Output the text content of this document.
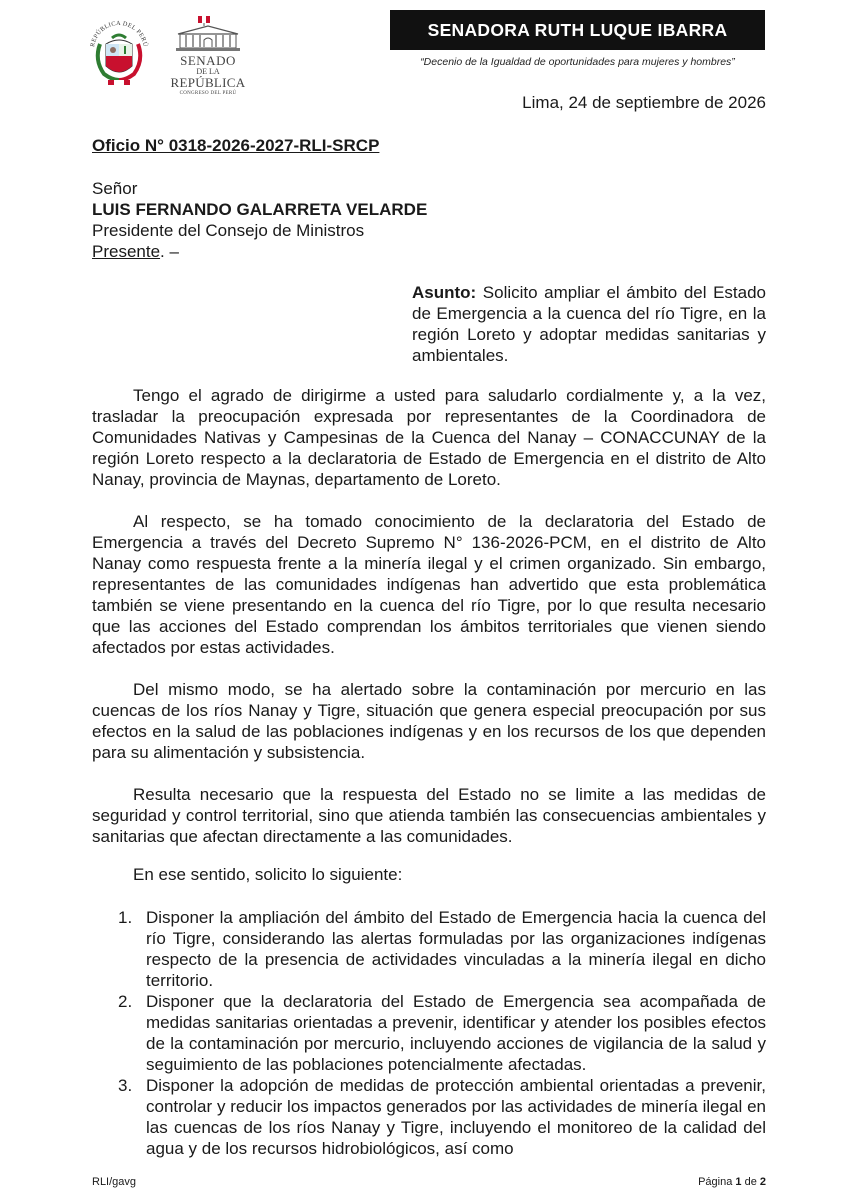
REPÚBLICA DEL PERÚ
SENADO
DE LA
REPÚBLICA
CONGRESO DEL PERÚ
SENADORA RUTH LUQUE IBARRA
“Decenio de la Igualdad de oportunidades para mujeres y hombres”
Lima, 24 de septiembre de 2026
Oficio N° 0318-2026-2027-RLI-SRCP
Señor
LUIS FERNANDO GALARRETA VELARDE
Presidente del Consejo de Ministros
Presente. –
Asunto: Solicito ampliar el ámbito del Estado de Emergencia a la cuenca del río Tigre, en la región Loreto y adoptar medidas sanitarias y ambientales.

Tengo el agrado de dirigirme a usted para saludarlo cordialmente y, a la vez, trasladar la preocupación expresada por representantes de la Coordinadora de Comunidades Nativas y Campesinas de la Cuenca del Nanay – CONACCUNAY de la región Loreto respecto a la declaratoria de Estado de Emergencia en el distrito de Alto Nanay, provincia de Maynas, departamento de Loreto.

Al respecto, se ha tomado conocimiento de la declaratoria del Estado de Emergencia a través del Decreto Supremo N° 136-2026-PCM, en el distrito de Alto Nanay como respuesta frente a la minería ilegal y el crimen organizado. Sin embargo, representantes de las comunidades indígenas han advertido que esta problemática también se viene presentando en la cuenca del río Tigre, por lo que resulta necesario que las acciones del Estado comprendan los ámbitos territoriales que vienen siendo afectados por estas actividades.

Del mismo modo, se ha alertado sobre la contaminación por mercurio en las cuencas de los ríos Nanay y Tigre, situación que genera especial preocupación por sus efectos en la salud de las poblaciones indígenas y en los recursos de los que dependen para su alimentación y subsistencia.

Resulta necesario que la respuesta del Estado no se limite a las medidas de seguridad y control territorial, sino que atienda también las consecuencias ambientales y sanitarias que afectan directamente a las comunidades.

En ese sentido, solicito lo siguiente:

1. Disponer la ampliación del ámbito del Estado de Emergencia hacia la cuenca del río Tigre, considerando las alertas formuladas por las organizaciones indígenas respecto de la presencia de actividades vinculadas a la minería ilegal en dicho territorio.
2. Disponer que la declaratoria del Estado de Emergencia sea acompañada de medidas sanitarias orientadas a prevenir, identificar y atender los posibles efectos de la contaminación por mercurio, incluyendo acciones de vigilancia de la salud y seguimiento de las poblaciones potencialmente afectadas.
3. Disponer la adopción de medidas de protección ambiental orientadas a prevenir, controlar y reducir los impactos generados por las actividades de minería ilegal en las cuencas de los ríos Nanay y Tigre, incluyendo el monitoreo de la calidad del agua y de los recursos hidrobiológicos, así como
RLI/gavg	Página 1 de 2
